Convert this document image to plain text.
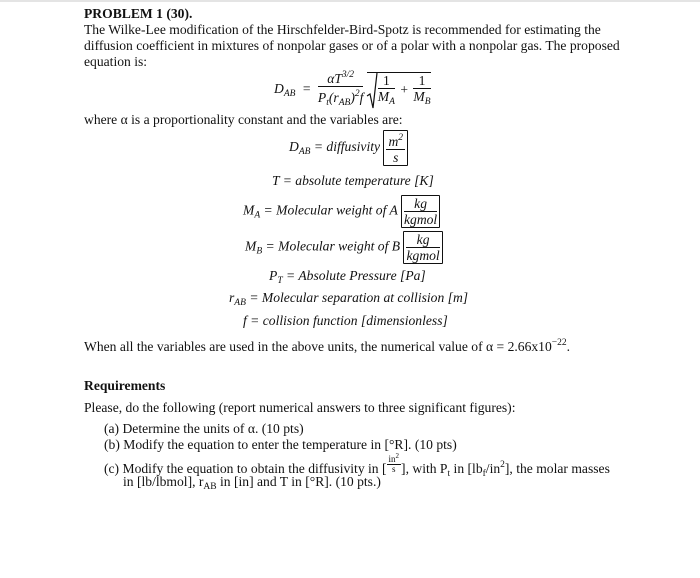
PROBLEM 1 (30).
The Wilke-Lee modification of the Hirschfelder-Bird-Spotz is recommended for estimating the
diffusion coefficient in mixtures of nonpolar gases or of a polar with a nonpolar gas. The proposed
equation is:
$D_{AB} = \frac{\alpha T^{3/2}}{P_t(r_{AB})^2f}$
$\frac{1}{M_A} + \frac{1}{M_B}$
where α is a proportionality constant and the variables are:
$D_{AB}$ = diffusivity $\frac{m^2}{s}$
T = absolute temperature [K]
$M_A$ = Molecular weight of A $\frac{kg}{\text{kgmol}}$
$M_B$ = Molecular weight of B $\frac{kg}{\text{kgmol}}$
$P_T$ = Absolute Pressure [Pa]
$r_{AB}$ = Molecular separation at collision [m]
f = collision function [dimensionless]
When all the variables are used in the above units, the numerical value of $\alpha = 2.66x10^{-22}$.
Requirements
Please, do the following (report numerical answers to three significant figures):
(a) Determine the units of α. (10 pts)
(b) Modify the equation to enter the temperature in [°R]. (10 pts)
(c) Modify the equation to obtain the diffusivity in [ $\frac{in^2}{s}$ ], with $P_t$ in $[lb_f/in^2]$, the molar masses
in [lb/lbmol], $r_{AB}$ in [in] and T in [°R]. (10 pts.)
